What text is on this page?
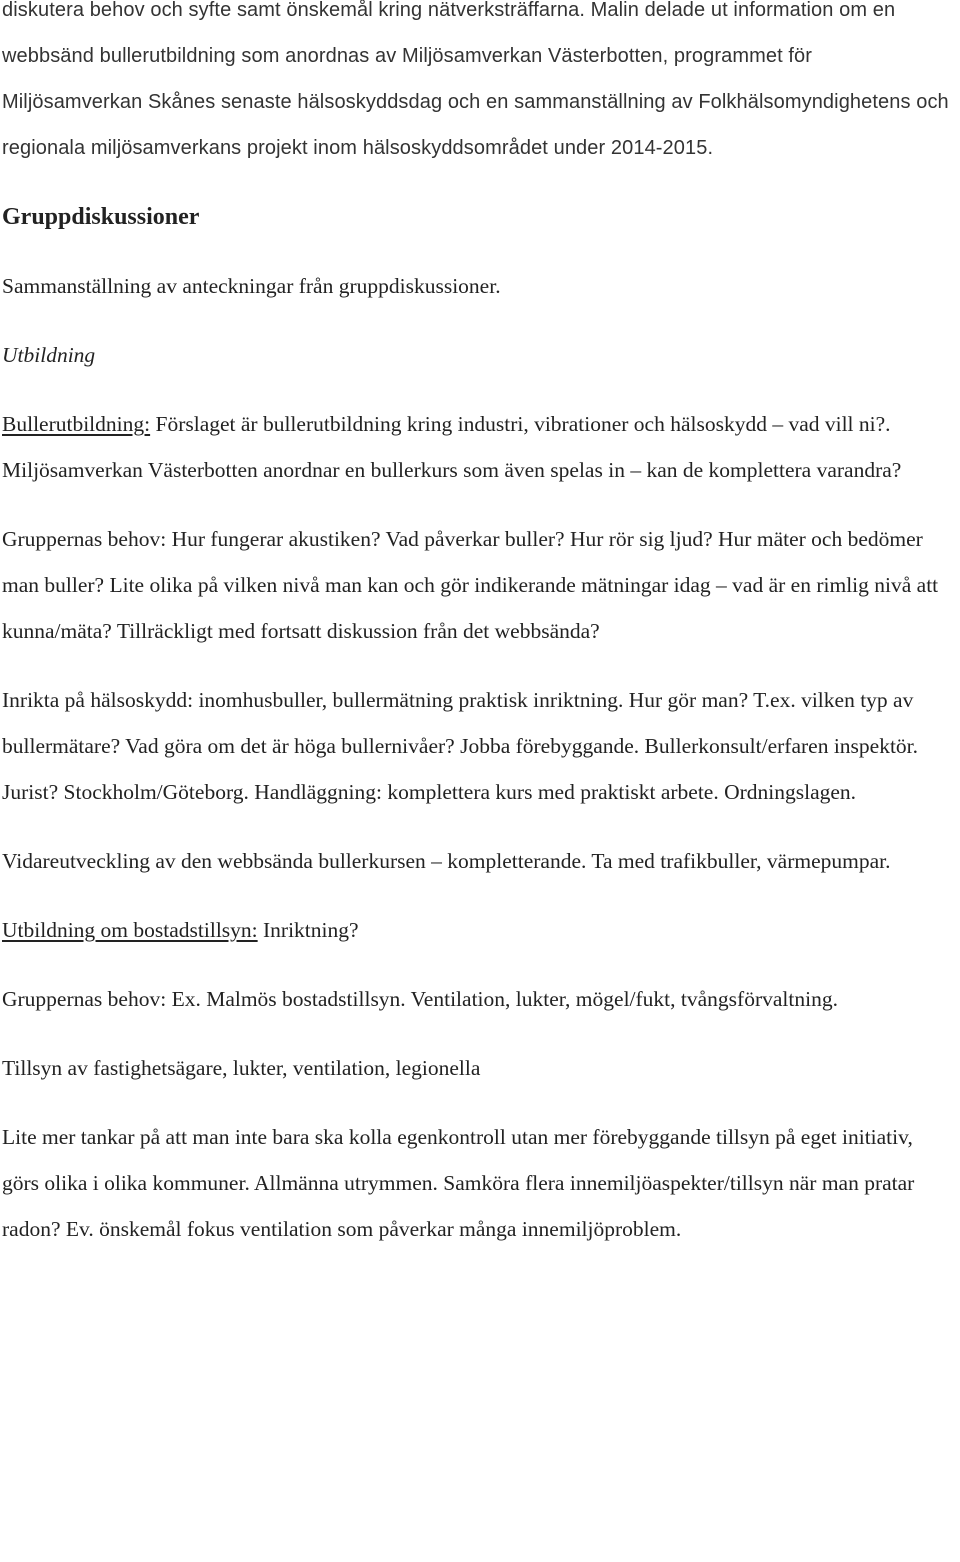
diskutera behov och syfte samt önskemål kring nätverksträffarna. Malin delade ut information om en webbsänd bullerutbildning som anordnas av Miljösamverkan Västerbotten, programmet för Miljösamverkan Skånes senaste hälsoskyddsdag och en sammanställning av Folkhälsomyndighetens och regionala miljösamverkans projekt inom hälsoskyddsområdet under 2014-2015.

Gruppdiskussioner

Sammanställning av anteckningar från gruppdiskussioner.

Utbildning

Bullerutbildning: Förslaget är bullerutbildning kring industri, vibrationer och hälsoskydd – vad vill ni?. Miljösamverkan Västerbotten anordnar en bullerkurs som även spelas in – kan de komplettera varandra?

Gruppernas behov: Hur fungerar akustiken? Vad påverkar buller? Hur rör sig ljud? Hur mäter och bedömer man buller? Lite olika på vilken nivå man kan och gör indikerande mätningar idag – vad är en rimlig nivå att kunna/mäta? Tillräckligt med fortsatt diskussion från det webbsända?

Inrikta på hälsoskydd: inomhusbuller, bullermätning praktisk inriktning. Hur gör man? T.ex. vilken typ av bullermätare? Vad göra om det är höga bullernivåer? Jobba förebyggande. Bullerkonsult/erfaren inspektör. Jurist? Stockholm/Göteborg. Handläggning: komplettera kurs med praktiskt arbete. Ordningslagen.

Vidareutveckling av den webbsända bullerkursen – kompletterande. Ta med trafikbuller, värmepumpar.

Utbildning om bostadstillsyn: Inriktning?

Gruppernas behov: Ex. Malmös bostadstillsyn. Ventilation, lukter, mögel/fukt, tvångsförvaltning.

Tillsyn av fastighetsägare, lukter, ventilation, legionella

Lite mer tankar på att man inte bara ska kolla egenkontroll utan mer förebyggande tillsyn på eget initiativ, görs olika i olika kommuner. Allmänna utrymmen. Samköra flera innemiljöaspekter/tillsyn när man pratar radon? Ev. önskemål fokus ventilation som påverkar många innemiljöproblem.
